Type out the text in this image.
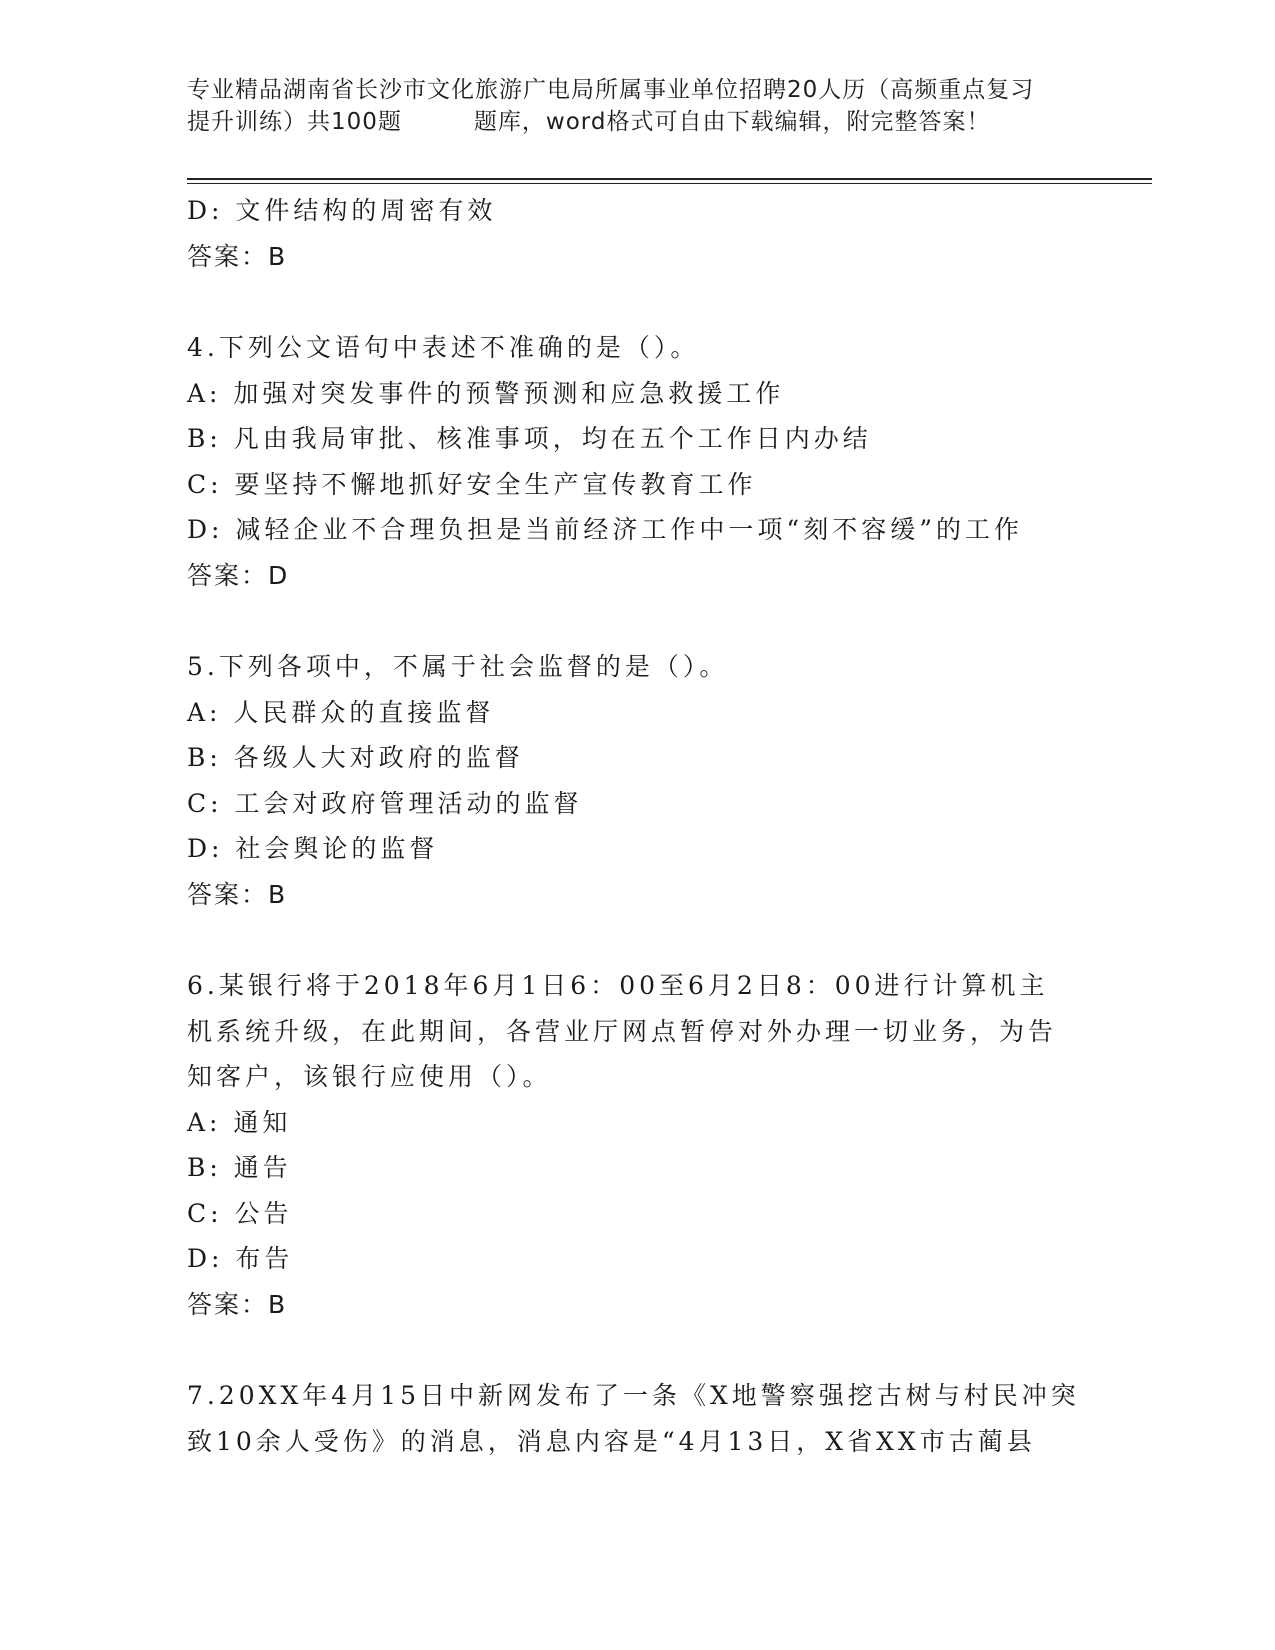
专业精品湖南省长沙市文化旅游广电局所属事业单位招聘20人历（高频重点复习
提升训练）共100题	题库，word格式可自由下载编辑，附完整答案！
D: 文件结构的周密有效
答案：B
4.下列公文语句中表述不准确的是（）。
A: 加强对突发事件的预警预测和应急救援工作
B: 凡由我局审批、核准事项，均在五个工作日内办结
C: 要坚持不懈地抓好安全生产宣传教育工作
D: 减轻企业不合理负担是当前经济工作中一项“刻不容缓”的工作
答案：D
5.下列各项中，不属于社会监督的是（）。
A: 人民群众的直接监督
B: 各级人大对政府的监督
C: 工会对政府管理活动的监督
D: 社会舆论的监督
答案：B
6.某银行将于2018年6月1日6：00至6月2日8：00进行计算机主
机系统升级，在此期间，各营业厅网点暂停对外办理一切业务，为告
知客户，该银行应使用（）。
A: 通知
B: 通告
C: 公告
D: 布告
答案：B
7.20XX年4月15日中新网发布了一条《X地警察强挖古树与村民冲突
致10余人受伤》的消息，消息内容是“4月13日，X省XX市古蔺县
